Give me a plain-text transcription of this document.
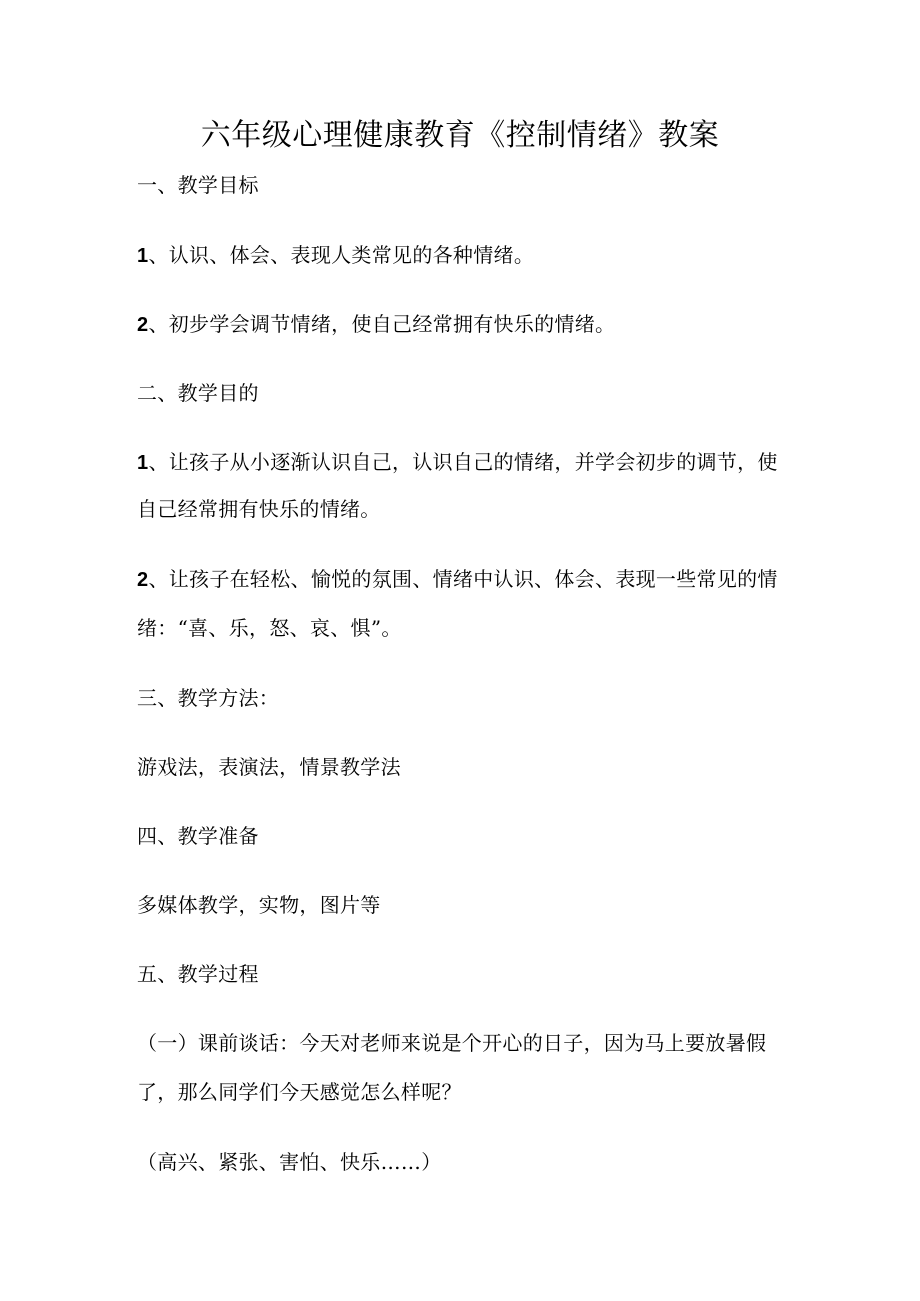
六年级心理健康教育《控制情绪》教案
一、教学目标
1、认识、体会、表现人类常见的各种情绪。
2、初步学会调节情绪，使自己经常拥有快乐的情绪。
二、教学目的
1、让孩子从小逐渐认识自己，认识自己的情绪，并学会初步的调节，使
自己经常拥有快乐的情绪。
2、让孩子在轻松、愉悦的氛围、情绪中认识、体会、表现一些常见的情
绪：“喜、乐，怒、哀、惧”。
三、教学方法：
游戏法，表演法，情景教学法
四、教学准备
多媒体教学，实物，图片等
五、教学过程
（一）课前谈话：今天对老师来说是个开心的日子，因为马上要放暑假
了，那么同学们今天感觉怎么样呢？
（高兴、紧张、害怕、快乐……）
